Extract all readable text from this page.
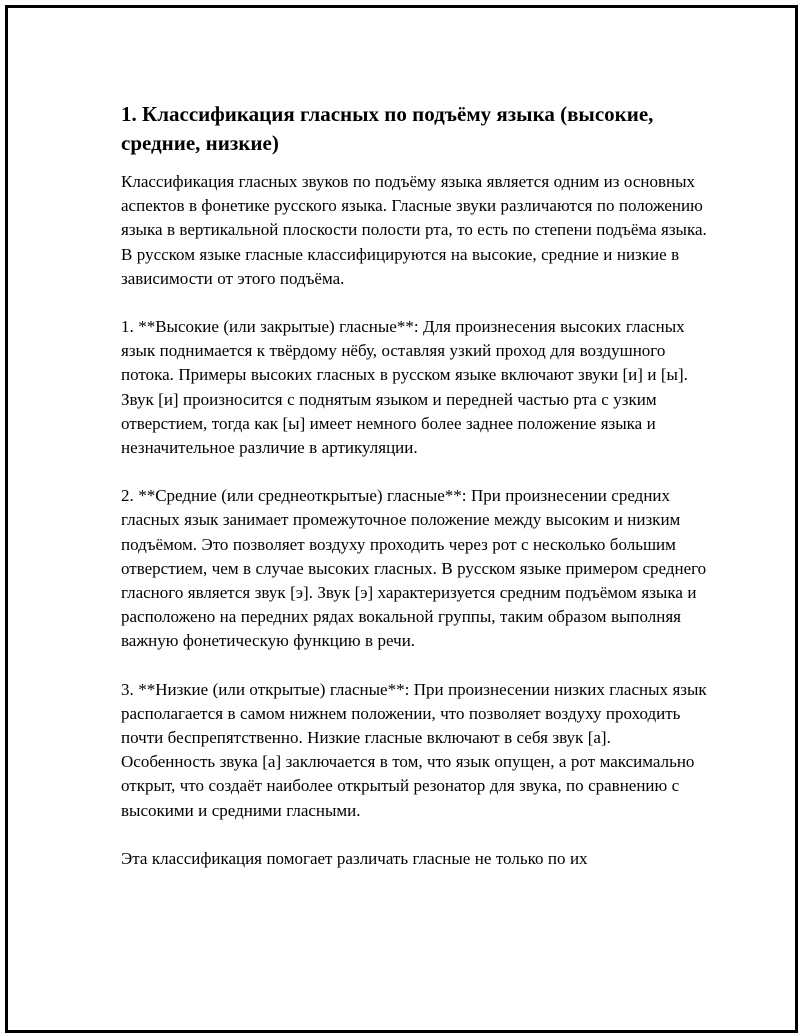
1. Классификация гласных по подъёму языка (высокие, средние, низкие)

Классификация гласных звуков по подъёму языка является одним из основных аспектов в фонетике русского языка. Гласные звуки различаются по положению языка в вертикальной плоскости полости рта, то есть по степени подъёма языка. В русском языке гласные классифицируются на высокие, средние и низкие в зависимости от этого подъёма.

1. **Высокие (или закрытые) гласные**: Для произнесения высоких гласных язык поднимается к твёрдому нёбу, оставляя узкий проход для воздушного потока. Примеры высоких гласных в русском языке включают звуки [и] и [ы]. Звук [и] произносится с поднятым языком и передней частью рта с узким отверстием, тогда как [ы] имеет немного более заднее положение языка и незначительное различие в артикуляции.

2. **Средние (или среднеоткрытые) гласные**: При произнесении средних гласных язык занимает промежуточное положение между высоким и низким подъёмом. Это позволяет воздуху проходить через рот с несколько большим отверстием, чем в случае высоких гласных. В русском языке примером среднего гласного является звук [э]. Звук [э] характеризуется средним подъёмом языка и расположено на передних рядах вокальной группы, таким образом выполняя важную фонетическую функцию в речи.

3. **Низкие (или открытые) гласные**: При произнесении низких гласных язык располагается в самом нижнем положении, что позволяет воздуху проходить почти беспрепятственно. Низкие гласные включают в себя звук [а]. Особенность звука [а] заключается в том, что язык опущен, а рот максимально открыт, что создаёт наиболее открытый резонатор для звука, по сравнению с высокими и средними гласными.

Эта классификация помогает различать гласные не только по их
